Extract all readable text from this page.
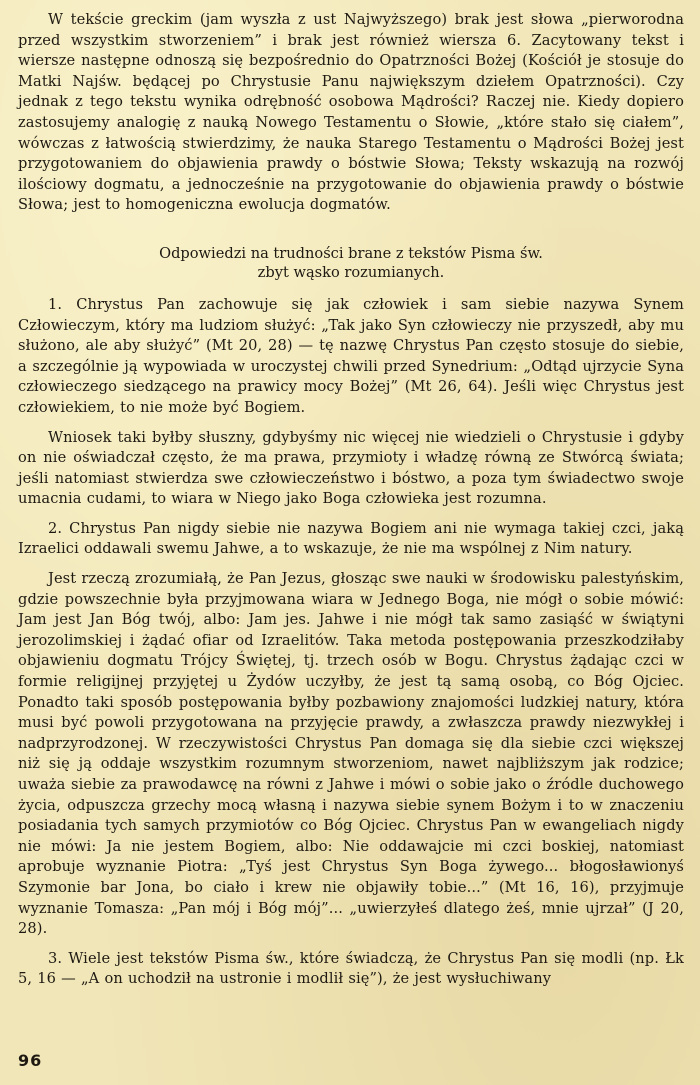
W tekście greckim (jam wyszła z ust Najwyższego) brak jest słowa „pierworodna przed wszystkim stworzeniem” i brak jest również wiersza 6. Zacytowany tekst i wiersze następne odnoszą się bezpośrednio do Opatrzności Bożej (Kościół je stosuje do Matki Najśw. będącej po Chrystusie Panu największym dziełem Opatrzności). Czy jednak z tego tekstu wynika odrębność osobowa Mądrości? Raczej nie. Kiedy dopiero zastosujemy analogię z nauką Nowego Testamentu o Słowie, „które stało się ciałem”, wówczas z łatwością stwierdzimy, że nauka Starego Testamentu o Mądrości Bożej jest przygotowaniem do objawienia prawdy o bóstwie Słowa; Teksty wskazują na rozwój ilościowy dogmatu, a jednocześnie na przygotowanie do objawienia prawdy o bóstwie Słowa; jest to homogeniczna ewolucja dogmatów.

Odpowiedzi na trudności brane z tekstów Pisma św.
zbyt wąsko rozumianych.

1. Chrystus Pan zachowuje się jak człowiek i sam siebie nazywa Synem Człowieczym, który ma ludziom służyć: „Tak jako Syn człowieczy nie przyszedł, aby mu służono, ale aby służyć” (Mt 20, 28) — tę nazwę Chrystus Pan często stosuje do siebie, a szczególnie ją wypowiada w uroczystej chwili przed Synedrium: „Odtąd ujrzycie Syna człowieczego siedzącego na prawicy mocy Bożej” (Mt 26, 64). Jeśli więc Chrystus jest człowiekiem, to nie może być Bogiem.

Wniosek taki byłby słuszny, gdybyśmy nic więcej nie wiedzieli o Chrystusie i gdyby on nie oświadczał często, że ma prawa, przymioty i władzę równą ze Stwórcą świata; jeśli natomiast stwierdza swe człowieczeństwo i bóstwo, a poza tym świadectwo swoje umacnia cudami, to wiara w Niego jako Boga człowieka jest rozumna.

2. Chrystus Pan nigdy siebie nie nazywa Bogiem ani nie wymaga takiej czci, jaką Izraelici oddawali swemu Jahwe, a to wskazuje, że nie ma wspólnej z Nim natury.

Jest rzeczą zrozumiałą, że Pan Jezus, głosząc swe nauki w środowisku palestyńskim, gdzie powszechnie była przyjmowana wiara w Jednego Boga, nie mógł o sobie mówić: Jam jest Jan Bóg twój, albo: Jam jes. Jahwe i nie mógł tak samo zasiąść w świątyni jerozolimskiej i żądać ofiar od Izraelitów. Taka metoda postępowania przeszkodziłaby objawieniu dogmatu Trójcy Świętej, tj. trzech osób w Bogu. Chrystus żądając czci w formie religijnej przyjętej u Żydów uczyłby, że jest tą samą osobą, co Bóg Ojciec. Ponadto taki sposób postępowania byłby pozbawiony znajomości ludzkiej natury, która musi być powoli przygotowana na przyjęcie prawdy, a zwłaszcza prawdy niezwykłej i nadprzyrodzonej. W rzeczywistości Chrystus Pan domaga się dla siebie czci większej niż się ją oddaje wszystkim rozumnym stworzeniom, nawet najbliższym jak rodzice; uważa siebie za prawodawcę na równi z Jahwe i mówi o sobie jako o źródle duchowego życia, odpuszcza grzechy mocą własną i nazywa siebie synem Bożym i to w znaczeniu posiadania tych samych przymiotów co Bóg Ojciec. Chrystus Pan w ewangeliach nigdy nie mówi: Ja nie jestem Bogiem, albo: Nie oddawajcie mi czci boskiej, natomiast aprobuje wyznanie Piotra: „Tyś jest Chrystus Syn Boga żywego... błogosławionyś Szymonie bar Jona, bo ciało i krew nie objawiły tobie...” (Mt 16, 16), przyjmuje wyznanie Tomasza: „Pan mój i Bóg mój”... „uwierzyłeś dlatego żeś, mnie ujrzał” (J 20, 28).

3. Wiele jest tekstów Pisma św., które świadczą, że Chrystus Pan się modli (np. Łk 5, 16 — „A on uchodził na ustronie i modlił się”), że jest wysłuchiwany

96
